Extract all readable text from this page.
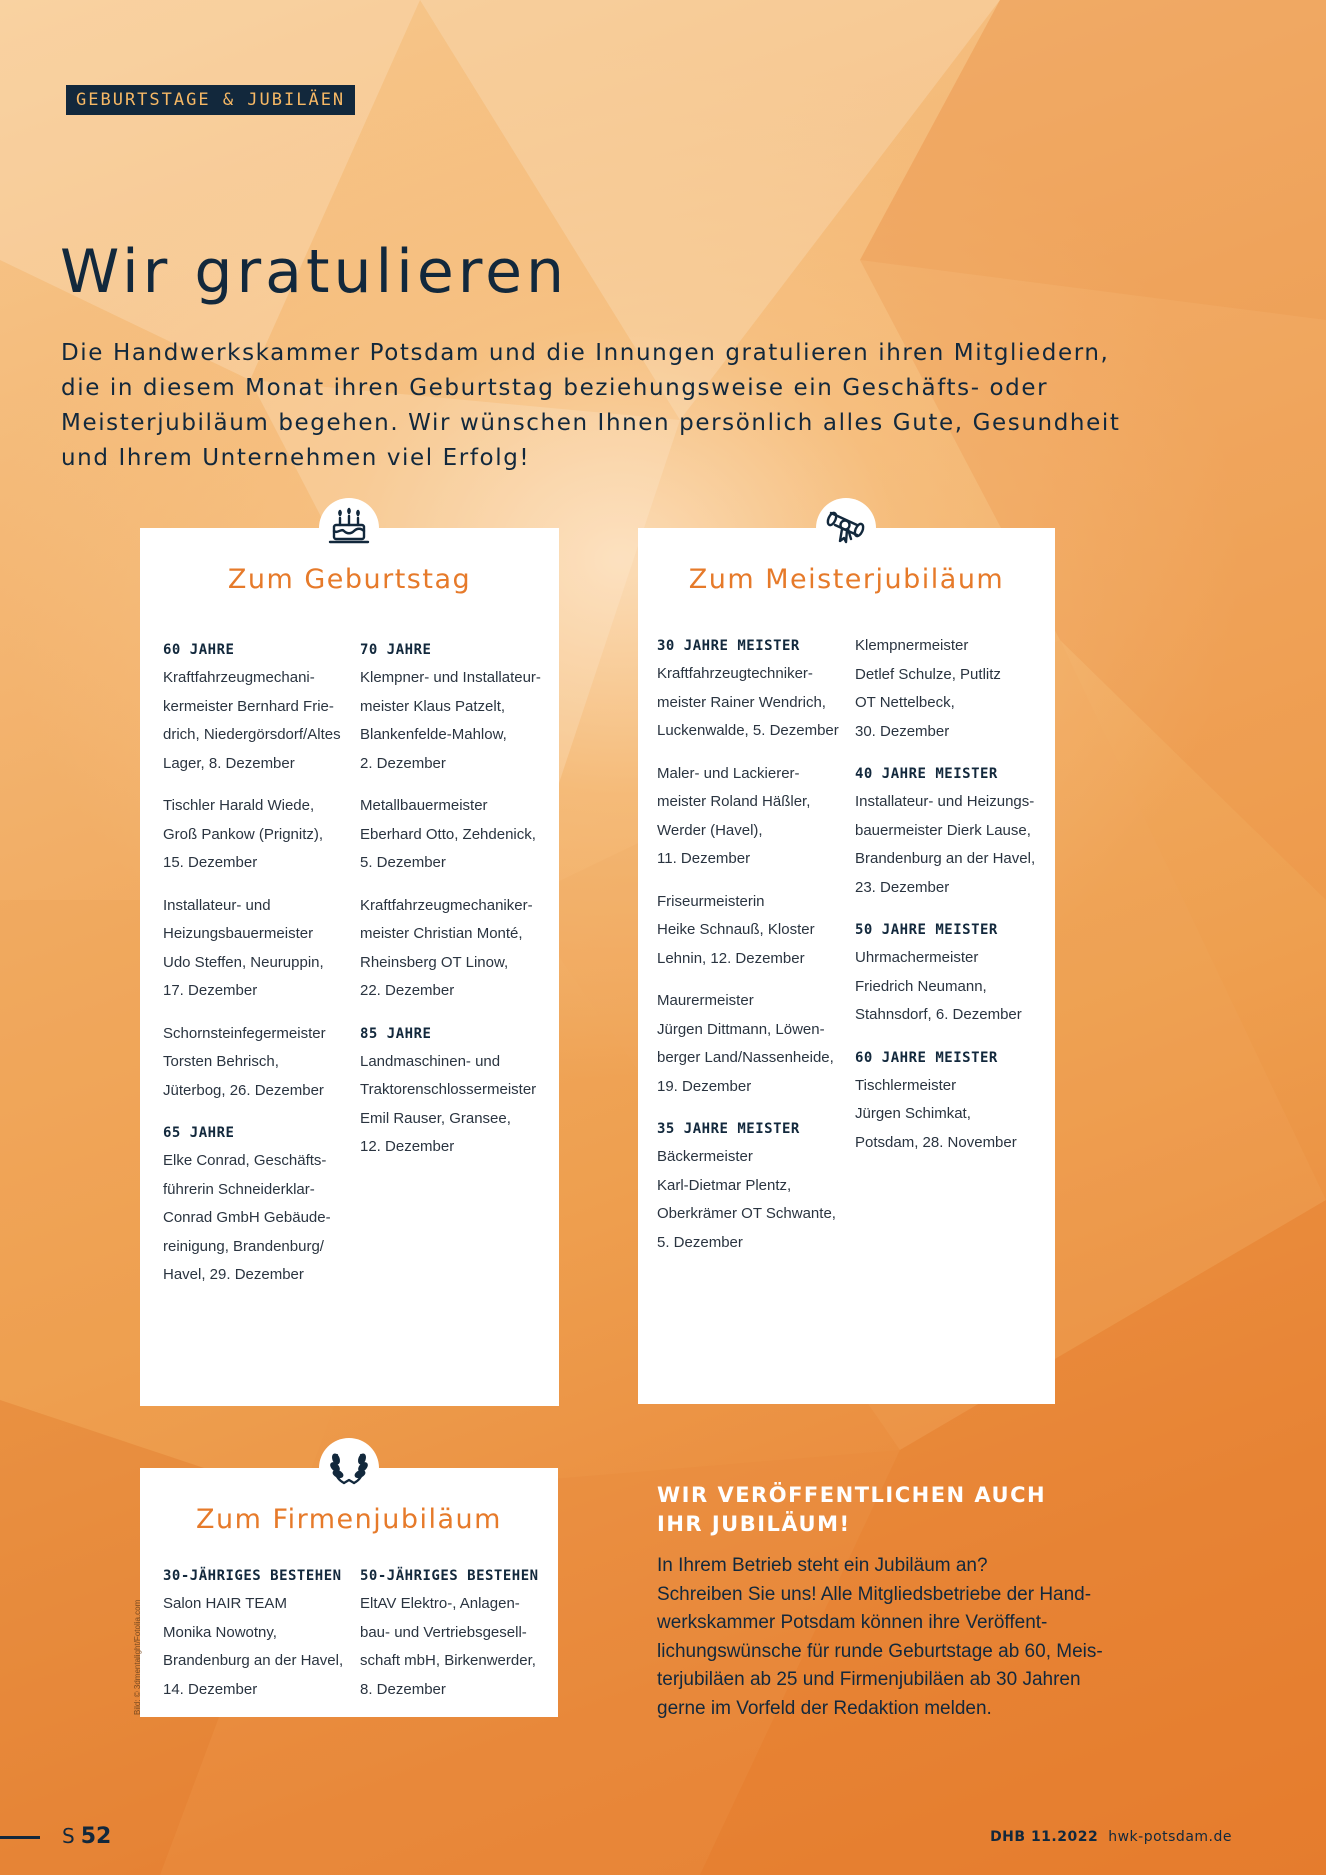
GEBURTSTAGE & JUBILÄEN
Wir gratulieren

Die Handwerkskammer Potsdam und die Innungen gratulieren ihren Mitgliedern, die in diesem Monat ihren Geburtstag beziehungsweise ein Geschäfts- oder Meisterjubiläum begehen. Wir wünschen Ihnen persönlich alles Gute, Gesundheit und Ihrem Unternehmen viel Erfolg!

Zum Geburtstag
60 JAHRE
Kraftfahrzeugmechani-
kermeister Bernhard Frie-
drich, Niedergörsdorf/Altes
Lager, 8. Dezember
Tischler Harald Wiede,
Groß Pankow (Prignitz),
15. Dezember
Installateur- und
Heizungsbauermeister
Udo Steffen, Neuruppin,
17. Dezember
Schornsteinfegermeister
Torsten Behrisch,
Jüterbog, 26. Dezember
65 JAHRE
Elke Conrad, Geschäfts-
führerin Schneiderklar-
Conrad GmbH Gebäude-
reinigung, Brandenburg/
Havel, 29. Dezember
70 JAHRE
Klempner- und Installateur-
meister Klaus Patzelt,
Blankenfelde-Mahlow,
2. Dezember
Metallbauermeister
Eberhard Otto, Zehdenick,
5. Dezember
Kraftfahrzeugmechaniker-
meister Christian Monté,
Rheinsberg OT Linow,
22. Dezember
85 JAHRE
Landmaschinen- und
Traktorenschlossermeister
Emil Rauser, Gransee,
12. Dezember
Zum Meisterjubiläum
30 JAHRE MEISTER
Kraftfahrzeugtechniker-
meister Rainer Wendrich,
Luckenwalde, 5. Dezember
Maler- und Lackierer-
meister Roland Häßler,
Werder (Havel),
11. Dezember
Friseurmeisterin
Heike Schnauß, Kloster
Lehnin, 12. Dezember
Maurermeister
Jürgen Dittmann, Löwen-
berger Land/Nassenheide,
19. Dezember
35 JAHRE MEISTER
Bäckermeister
Karl-Dietmar Plentz,
Oberkrämer OT Schwante,
5. Dezember
Klempnermeister
Detlef Schulze, Putlitz
OT Nettelbeck,
30. Dezember
40 JAHRE MEISTER
Installateur- und Heizungs-
bauermeister Dierk Lause,
Brandenburg an der Havel,
23. Dezember
50 JAHRE MEISTER
Uhrmachermeister
Friedrich Neumann,
Stahnsdorf, 6. Dezember
60 JAHRE MEISTER
Tischlermeister
Jürgen Schimkat,
Potsdam, 28. November
Zum Firmenjubiläum
30-JÄHRIGES BESTEHEN
Salon HAIR TEAM
Monika Nowotny,
Brandenburg an der Havel,
14. Dezember
50-JÄHRIGES BESTEHEN
EltAV Elektro-, Anlagen-
bau- und Vertriebsgesell-
schaft mbH, Birkenwerder,
8. Dezember
Bild: © 3dmentalight/Fotolia.com
WIR VERÖFFENTLICHEN AUCH
IHR JUBILÄUM!

In Ihrem Betrieb steht ein Jubiläum an?
Schreiben Sie uns! Alle Mitgliedsbetriebe der Hand-
werkskammer Potsdam können ihre Veröffent-
lichungswünsche für runde Geburtstage ab 60, Meis-
terjubiläen ab 25 und Firmenjubiläen ab 30 Jahren
gerne im Vorfeld der Redaktion melden.

S 52	DHB 11.2022 hwk-potsdam.de
